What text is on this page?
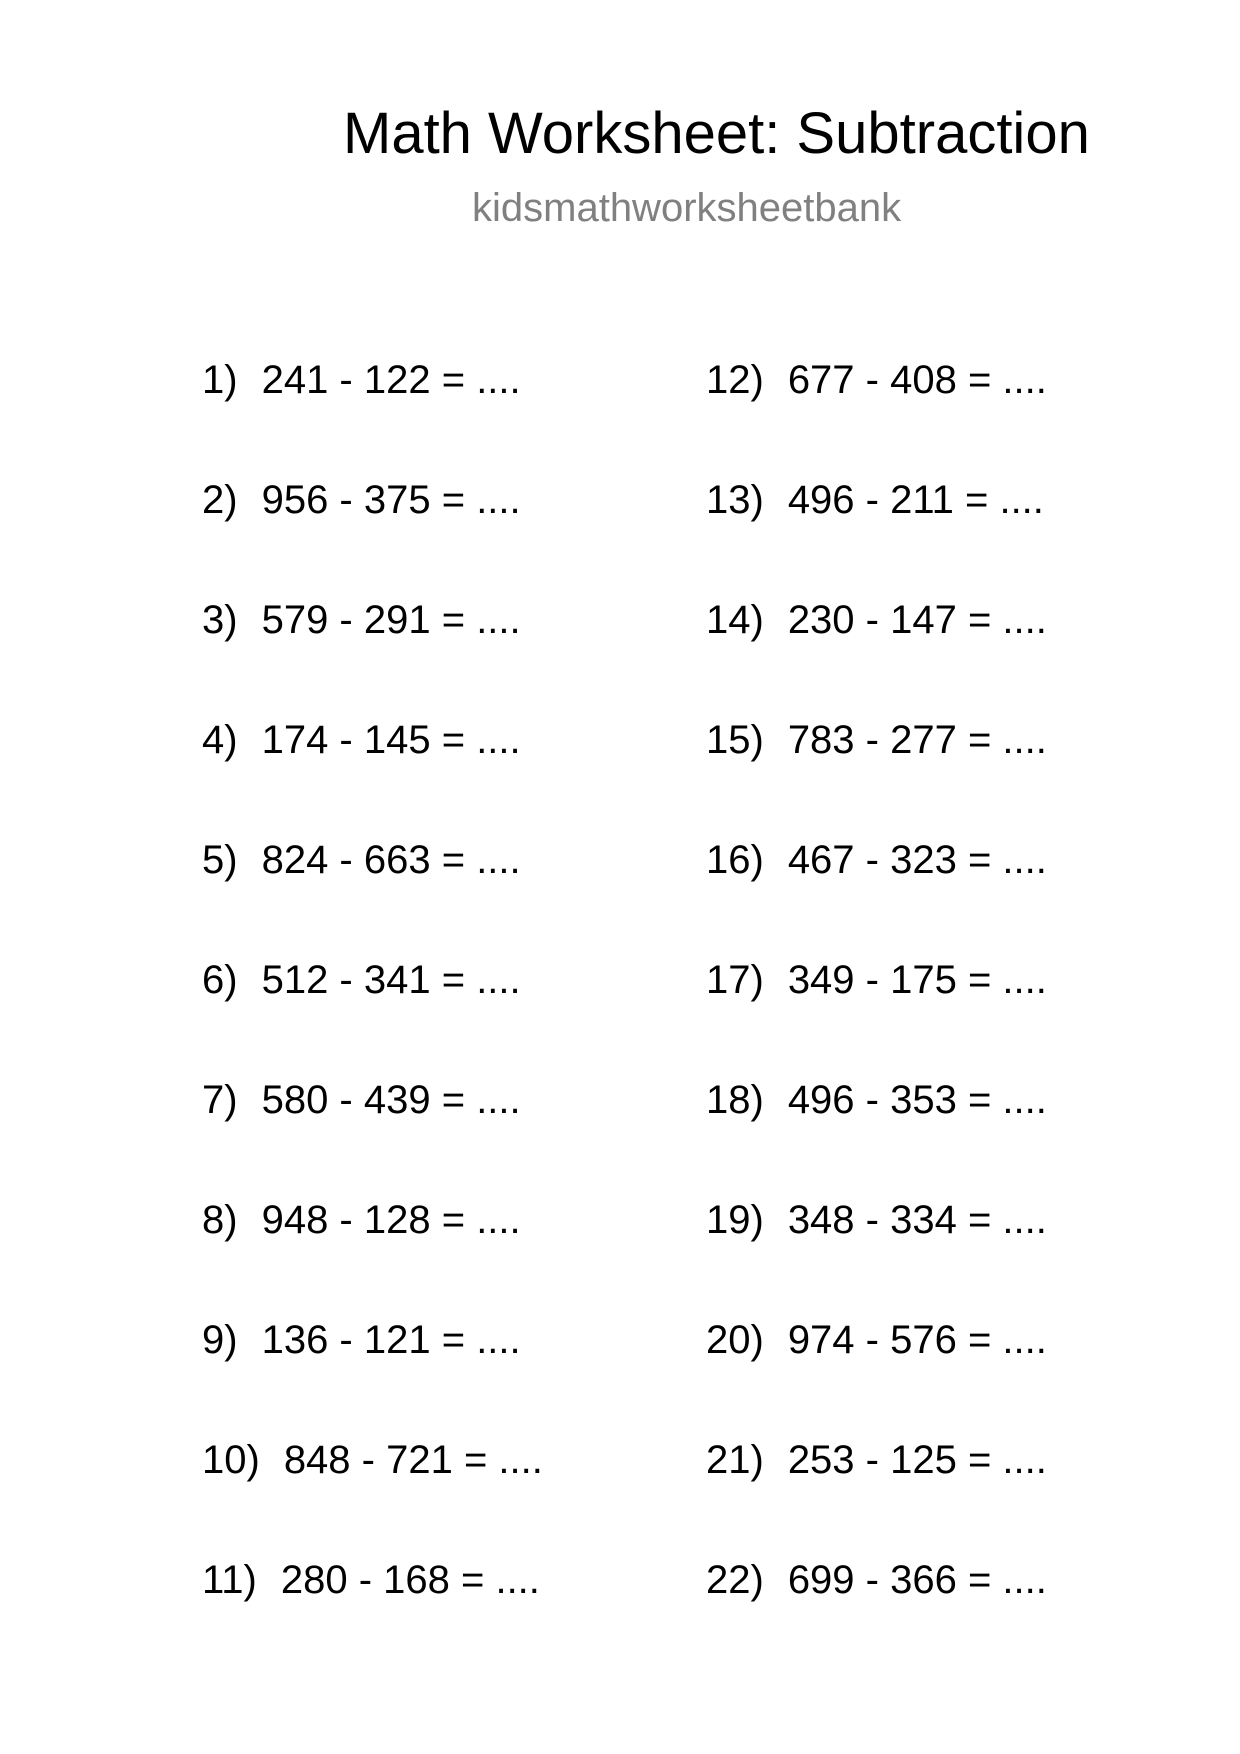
Math Worksheet: Subtraction
kidsmathworksheetbank
1) 241 - 122 = ....
2) 956 - 375 = ....
3) 579 - 291 = ....
4) 174 - 145 = ....
5) 824 - 663 = ....
6) 512 - 341 = ....
7) 580 - 439 = ....
8) 948 - 128 = ....
9) 136 - 121 = ....
10) 848 - 721 = ....
11) 280 - 168 = ....
12) 677 - 408 = ....
13) 496 - 211 = ....
14) 230 - 147 = ....
15) 783 - 277 = ....
16) 467 - 323 = ....
17) 349 - 175 = ....
18) 496 - 353 = ....
19) 348 - 334 = ....
20) 974 - 576 = ....
21) 253 - 125 = ....
22) 699 - 366 = ....
